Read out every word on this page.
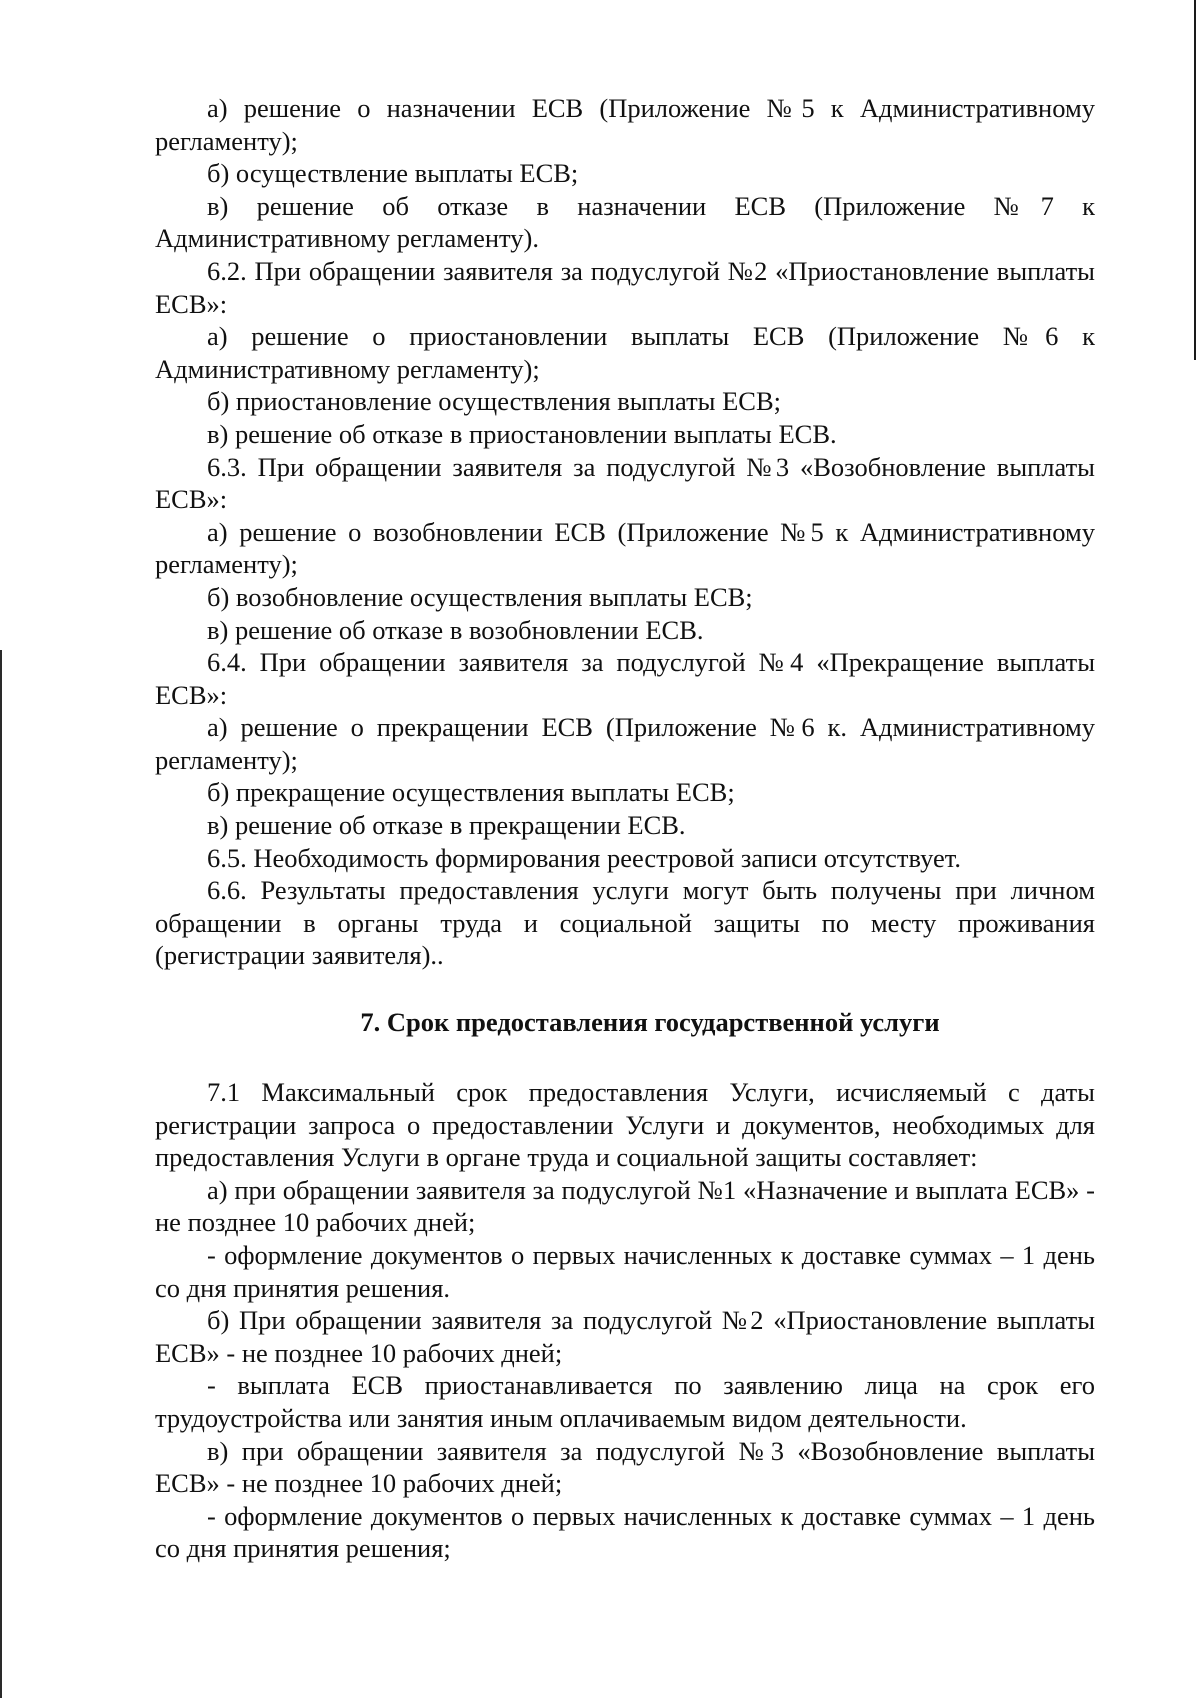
а) решение о назначении ЕСВ (Приложение №5 к Административному регламенту);

б) осуществление выплаты ЕСВ;

в) решение об отказе в назначении ЕСВ (Приложение №7 к Административному регламенту).

6.2. При обращении заявителя за подуслугой №2 «Приостановление выплаты ЕСВ»:

а) решение о приостановлении выплаты ЕСВ (Приложение №6 к Административному регламенту);

б) приостановление осуществления выплаты ЕСВ;

в) решение об отказе в приостановлении выплаты ЕСВ.

6.3. При обращении заявителя за подуслугой №3 «Возобновление выплаты ЕСВ»:

а) решение о возобновлении ЕСВ (Приложение №5 к Административному регламенту);

б) возобновление осуществления выплаты ЕСВ;

в) решение об отказе в возобновлении ЕСВ.

6.4. При обращении заявителя за подуслугой №4 «Прекращение выплаты ЕСВ»:

а) решение о прекращении ЕСВ (Приложение №6 к. Административному регламенту);

б) прекращение осуществления выплаты ЕСВ;

в) решение об отказе в прекращении ЕСВ.

6.5. Необходимость формирования реестровой записи отсутствует.

6.6. Результаты предоставления услуги могут быть получены при личном обращении в органы труда и социальной защиты по месту проживания (регистрации заявителя)..

7. Срок предоставления государственной услуги

7.1 Максимальный срок предоставления Услуги, исчисляемый с даты регистрации запроса о предоставлении Услуги и документов, необходимых для предоставления Услуги в органе труда и социальной защиты составляет:

а) при обращении заявителя за подуслугой №1 «Назначение и выплата ЕСВ» - не позднее 10 рабочих дней;

- оформление документов о первых начисленных к доставке суммах – 1 день со дня принятия решения.

б) При обращении заявителя за подуслугой №2 «Приостановление выплаты ЕСВ» - не позднее 10 рабочих дней;

- выплата ЕСВ приостанавливается по заявлению лица на срок его трудоустройства или занятия иным оплачиваемым видом деятельности.

в) при обращении заявителя за подуслугой №3 «Возобновление выплаты ЕСВ» - не позднее 10 рабочих дней;

- оформление документов о первых начисленных к доставке суммах – 1 день со дня принятия решения;
